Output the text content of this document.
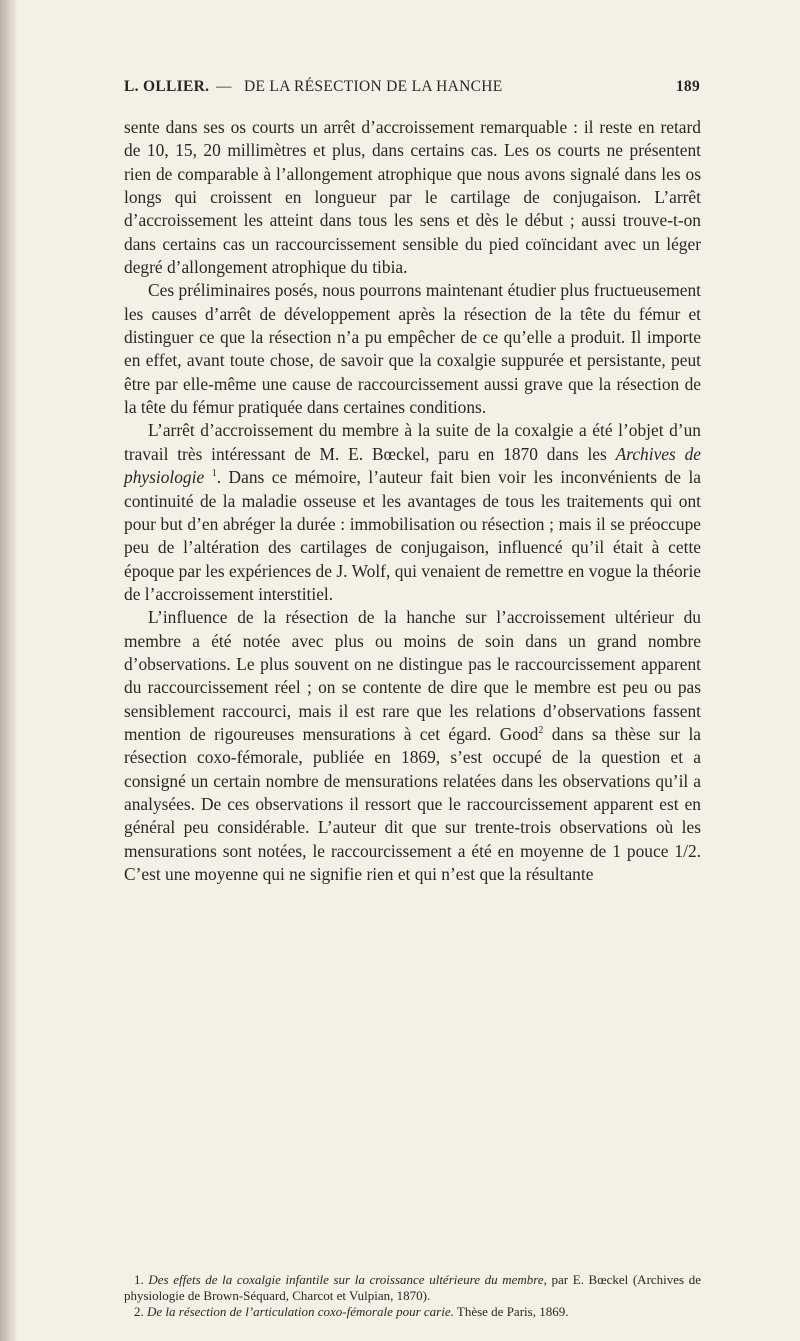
L. OLLIER. — DE LA RÉSECTION DE LA HANCHE	189

sente dans ses os courts un arrêt d’accroissement remarquable : il reste en retard de 10, 15, 20 millimètres et plus, dans certains cas. Les os courts ne présentent rien de comparable à l’allongement atrophique que nous avons signalé dans les os longs qui croissent en longueur par le cartilage de conjugaison. L’arrêt d’accroissement les atteint dans tous les sens et dès le début ; aussi trouve-t-on dans certains cas un raccourcissement sensible du pied coïncidant avec un léger degré d’allongement atrophique du tibia.

Ces préliminaires posés, nous pourrons maintenant étudier plus fructueusement les causes d’arrêt de développement après la résection de la tête du fémur et distinguer ce que la résection n’a pu empêcher de ce qu’elle a produit. Il importe en effet, avant toute chose, de savoir que la coxalgie suppurée et persistante, peut être par elle-même une cause de raccourcissement aussi grave que la résection de la tête du fémur pratiquée dans certaines conditions.

L’arrêt d’accroissement du membre à la suite de la coxalgie a été l’objet d’un travail très intéressant de M. E. Bœckel, paru en 1870 dans les Archives de physiologie $^1$. Dans ce mémoire, l’auteur fait bien voir les inconvénients de la continuité de la maladie osseuse et les avantages de tous les traitements qui ont pour but d’en abréger la durée : immobilisation ou résection ; mais il se préoccupe peu de l’altération des cartilages de conjugaison, influencé qu’il était à cette époque par les expériences de J. Wolf, qui venaient de remettre en vogue la théorie de l’accroissement interstitiel.

L’influence de la résection de la hanche sur l’accroissement ultérieur du membre a été notée avec plus ou moins de soin dans un grand nombre d’observations. Le plus souvent on ne distingue pas le raccourcissement apparent du raccourcissement réel ; on se contente de dire que le membre est peu ou pas sensiblement raccourci, mais il est rare que les relations d’observations fassent mention de rigoureuses mensurations à cet égard. Good$^2$ dans sa thèse sur la résection coxo-fémorale, publiée en 1869, s’est occupé de la question et a consigné un certain nombre de mensurations relatées dans les observations qu’il a analysées. De ces observations il ressort que le raccourcissement apparent est en général peu considérable. L’auteur dit que sur trente-trois observations où les mensurations sont notées, le raccourcissement a été en moyenne de 1 pouce 1/2. C’est une moyenne qui ne signifie rien et qui n’est que la résultante

1. Des effets de la coxalgie infantile sur la croissance ultérieure du membre, par E. Bœckel (Archives de physiologie de Brown-Séquard, Charcot et Vulpian, 1870).
2. De la résection de l’articulation coxo-fémorale pour carie. Thèse de Paris, 1869.
